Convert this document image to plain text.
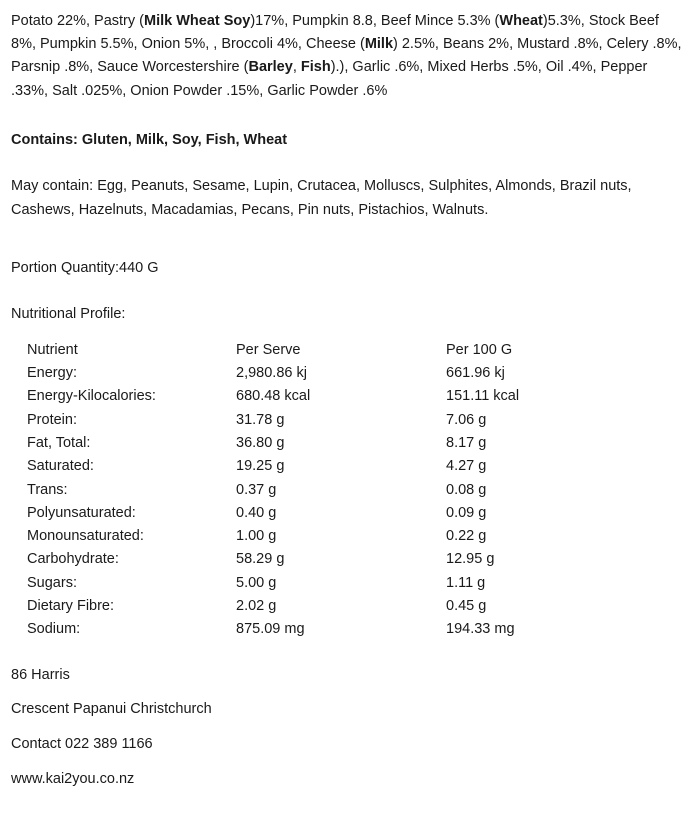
Potato 22%, Pastry (Milk Wheat Soy)17%, Pumpkin 8.8, Beef Mince 5.3% (Wheat)5.3%, Stock Beef 8%, Pumpkin 5.5%, Onion 5%, , Broccoli 4%, Cheese (Milk) 2.5%, Beans 2%, Mustard .8%, Celery .8%, Parsnip .8%, Sauce Worcestershire (Barley, Fish).), Garlic .6%, Mixed Herbs .5%, Oil .4%, Pepper .33%, Salt .025%, Onion Powder .15%, Garlic Powder .6%

Contains: Gluten, Milk, Soy, Fish, Wheat
May contain: Egg, Peanuts, Sesame, Lupin, Crutacea, Molluscs, Sulphites, Almonds, Brazil nuts, Cashews, Hazelnuts, Macadamias, Pecans, Pin nuts, Pistachios, Walnuts.
Portion Quantity:440 G
Nutritional Profile:
Nutrient	Per Serve	Per 100 G
Energy:	2,980.86 kj	661.96 kj
Energy-Kilocalories:	680.48 kcal	151.11 kcal
Protein:	31.78 g	7.06 g
Fat, Total:	36.80 g	8.17 g
Saturated:	19.25 g	4.27 g
Trans:	0.37 g	0.08 g
Polyunsaturated:	0.40 g	0.09 g
Monounsaturated:	1.00 g	0.22 g
Carbohydrate:	58.29 g	12.95 g
Sugars:	5.00 g	1.11 g
Dietary Fibre:	2.02 g	0.45 g
Sodium:	875.09 mg	194.33 mg
86 Harris
Crescent Papanui Christchurch
Contact 022 389 1166
www.kai2you.co.nz
